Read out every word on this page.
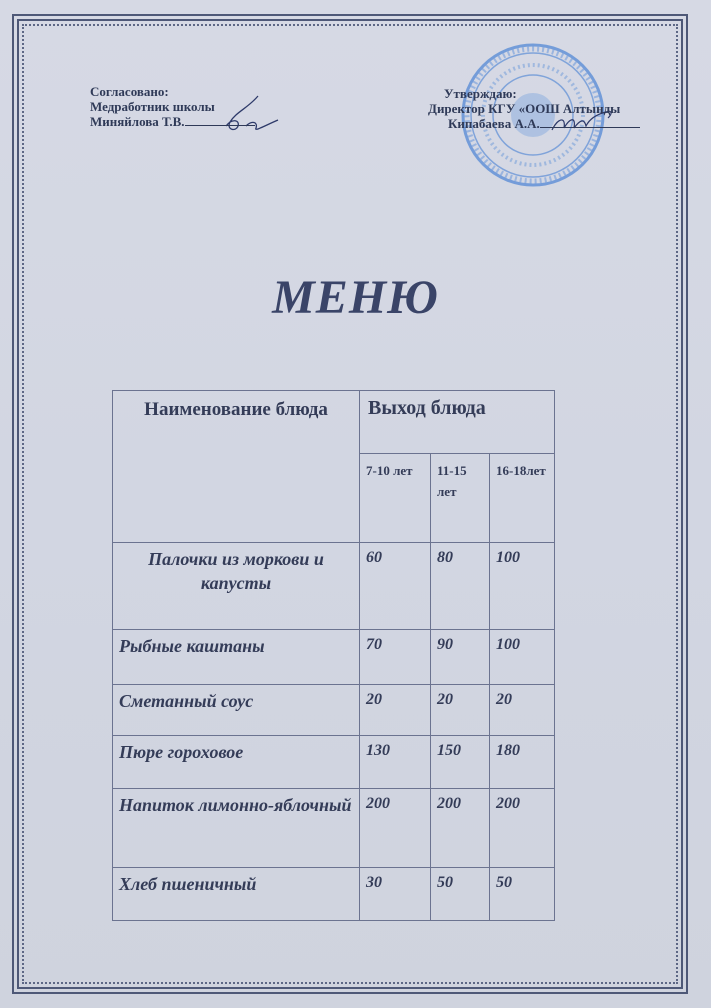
Согласовано:
Медработник школы
Миняйлова Т.В.
Утверждаю:
Директор КГУ «ООШ Алтынды
Кипабаева А.А.
МЕНЮ
Наименование блюда	Выход блюда		
	7-10 лет	11-15 лет	16-18лет
Палочки из моркови и капусты	60	80	100
Рыбные каштаны	70	90	100
Сметанный соус	20	20	20
Пюре гороховое	130	150	180
Напиток лимонно-яблочный	200	200	200
Хлеб пшеничный	30	50	50
